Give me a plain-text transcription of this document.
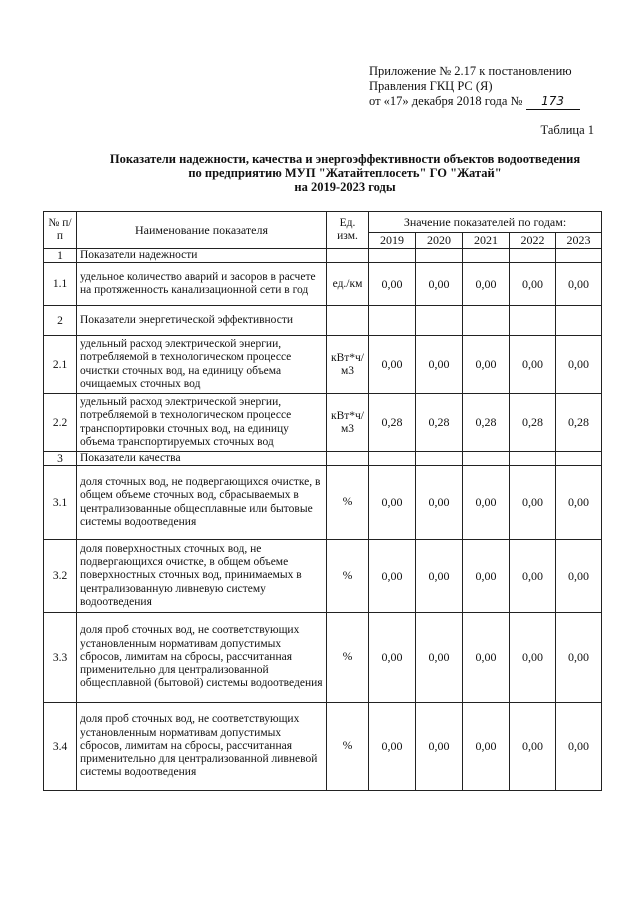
Приложение № 2.17 к постановлению
Правления ГКЦ РС (Я)
от «17» декабря 2018 года № 173
Таблица 1
Показатели надежности, качества и энергоэффективности объектов водоотведения
по предприятию МУП "Жатайтеплосеть" ГО "Жатай"
на 2019-2023 годы
№ п/п	Наименование показателя	Ед. изм.	Значение показателей по годам:				
			2019	2020	2021	2022	2023
1	Показатели надежности						
1.1	удельное количество аварий и засоров в расчете на протяженность канализационной сети в год	ед./км	0,00	0,00	0,00	0,00	0,00
2	Показатели энергетической эффективности						
2.1	удельный расход электрической энергии, потребляемой в технологическом процессе очистки сточных вод, на единицу объема очищаемых сточных вод	кВт*ч/м3	0,00	0,00	0,00	0,00	0,00
2.2	удельный расход электрической энергии, потребляемой в технологическом процессе транспортировки сточных вод, на единицу объема транспортируемых сточных вод	кВт*ч/м3	0,28	0,28	0,28	0,28	0,28
3	Показатели качества						
3.1	доля сточных вод, не подвергающихся очистке, в общем объеме сточных вод, сбрасываемых в централизованные общесплавные или бытовые системы водоотведения	%	0,00	0,00	0,00	0,00	0,00
3.2	доля поверхностных сточных вод, не подвергающихся очистке, в общем объеме поверхностных сточных вод, принимаемых в централизованную ливневую систему водоотведения	%	0,00	0,00	0,00	0,00	0,00
3.3	доля проб сточных вод, не соответствующих установленным нормативам допустимых сбросов, лимитам на сбросы, рассчитанная применительно для централизованной общесплавной (бытовой) системы водоотведения	%	0,00	0,00	0,00	0,00	0,00
3.4	доля проб сточных вод, не соответствующих установленным нормативам допустимых сбросов, лимитам на сбросы, рассчитанная применительно для централизованной ливневой системы водоотведения	%	0,00	0,00	0,00	0,00	0,00
